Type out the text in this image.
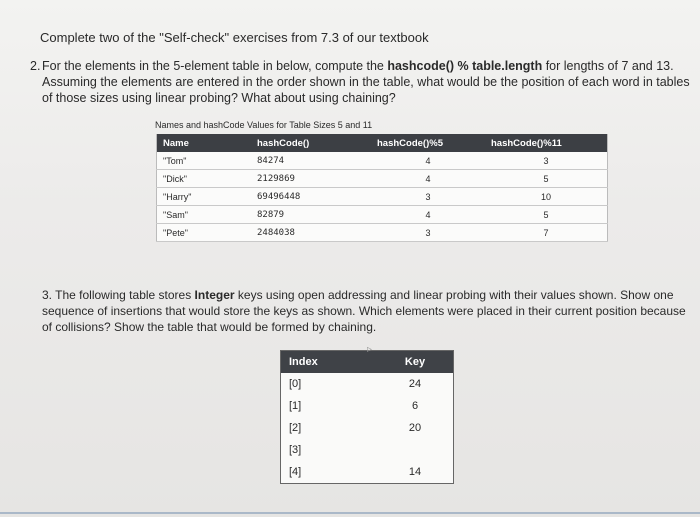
Complete two of the "Self-check" exercises from 7.3 of our textbook
2. For the elements in the 5-element table in below, compute the hashcode() % table.length for lengths of 7 and 13. Assuming the elements are entered in the order shown in the table, what would be the position of each word in tables of those sizes using linear probing? What about using chaining?
Names and hashCode Values for Table Sizes 5 and 11
Name	hashCode()	hashCode()%5	hashCode()%11
"Tom"	84274	4	3
"Dick"	2129869	4	5
"Harry"	69496448	3	10
"Sam"	82879	4	5
"Pete"	2484038	3	7
3. The following table stores Integer keys using open addressing and linear probing with their values shown. Show one sequence of insertions that would store the keys as shown. Which elements were placed in their current position because of collisions? Show the table that would be formed by chaining.
Index	Key
[0]	24
[1]	6
[2]	20
[3]	
[4]	14
▹
